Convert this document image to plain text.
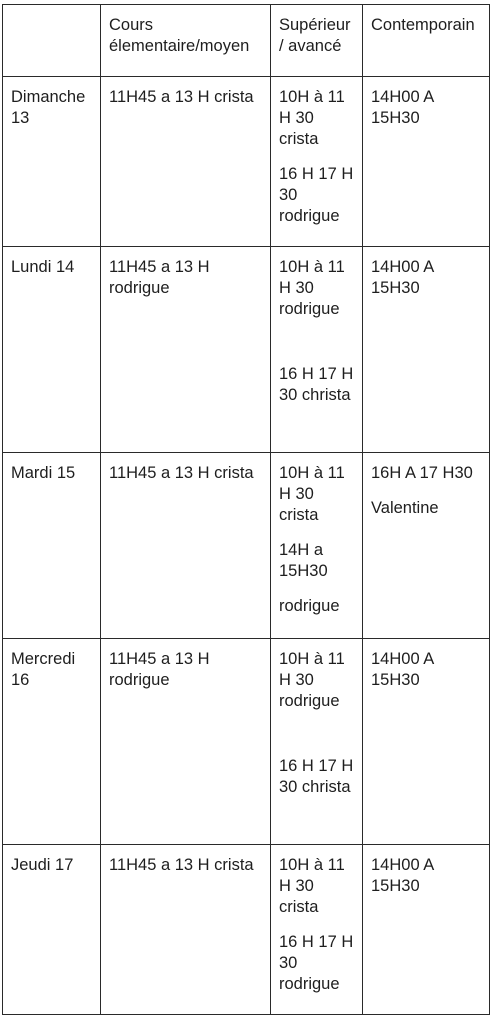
	Cours élementaire/moyen	Supérieur / avancé	Contemporain

Dimanche 13	11H45 a 13 H crista	10H à 11 H 30 crista
16 H 17 H 30 rodrigue	14H00 A 15H30

Lundi 14	11H45 a 13 H rodrigue	10H à 11 H 30 rodrigue
16 H 17 H 30 christa	14H00 A 15H30

Mardi 15	11H45 a 13 H crista	10H à 11 H 30 crista
14H a 15H30
rodrigue	16H A 17 H30
Valentine

Mercredi 16	11H45 a 13 H rodrigue	10H à 11 H 30 rodrigue
16 H 17 H 30 christa	14H00 A 15H30

Jeudi 17	11H45 a 13 H crista	10H à 11 H 30 crista
16 H 17 H 30 rodrigue	14H00 A 15H30
